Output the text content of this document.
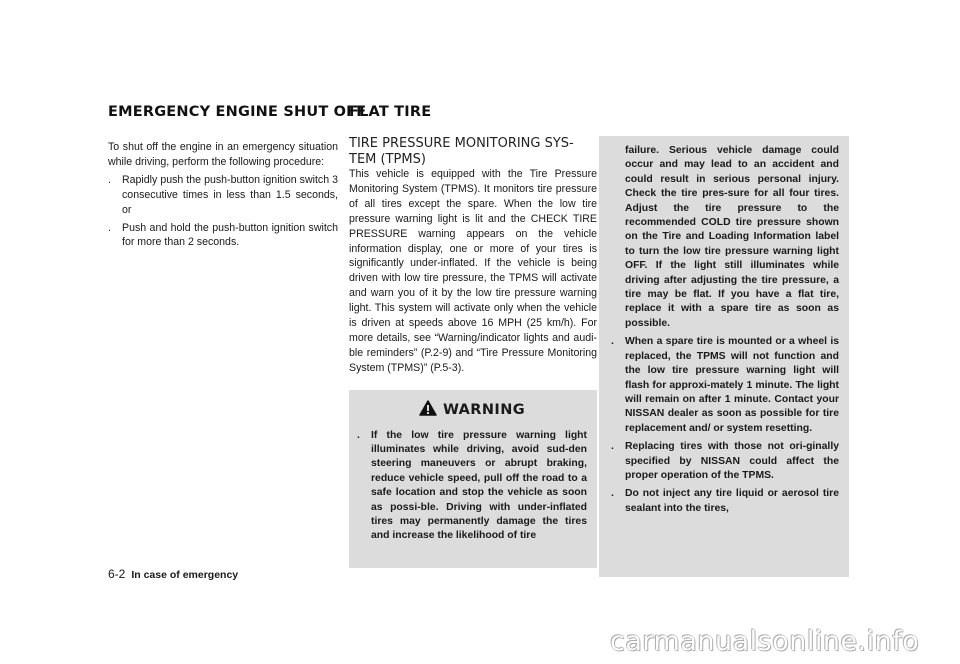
EMERGENCY ENGINE SHUT OFF
FLAT TIRE

To shut off the engine in an emergency situation while driving, perform the following procedure:

. Rapidly push the push-button ignition switch 3 consecutive times in less than 1.5 seconds, or
. Push and hold the push-button ignition switch for more than 2 seconds.

TIRE PRESSURE MONITORING SYS-TEM (TPMS)

This vehicle is equipped with the Tire Pressure Monitoring System (TPMS). It monitors tire pressure of all tires except the spare. When the low tire pressure warning light is lit and the CHECK TIRE PRESSURE warning appears on the vehicle information display, one or more of your tires is significantly under-inflated. If the vehicle is being driven with low tire pressure, the TPMS will activate and warn you of it by the low tire pressure warning light. This system will activate only when the vehicle is driven at speeds above 16 MPH (25 km/h). For more details, see “Warning/indicator lights and audi-ble reminders” (P.2-9) and “Tire Pressure Monitoring System (TPMS)” (P.5-3).

WARNING
. If the low tire pressure warning light illuminates while driving, avoid sud-den steering maneuvers or abrupt braking, reduce vehicle speed, pull off the road to a safe location and stop the vehicle as soon as possi-ble. Driving with under-inflated tires may permanently damage the tires and increase the likelihood of tire

failure. Serious vehicle damage could occur and may lead to an accident and could result in serious personal injury. Check the tire pres-sure for all four tires. Adjust the tire pressure to the recommended COLD tire pressure shown on the Tire and Loading Information label to turn the low tire pressure warning light OFF. If the light still illuminates while driving after adjusting the tire pressure, a tire may be flat. If you have a flat tire, replace it with a spare tire as soon as possible.

. When a spare tire is mounted or a wheel is replaced, the TPMS will not function and the low tire pressure warning light will flash for approxi-mately 1 minute. The light will remain on after 1 minute. Contact your NISSAN dealer as soon as possible for tire replacement and/ or system resetting.
. Replacing tires with those not ori-ginally specified by NISSAN could affect the proper operation of the TPMS.
. Do not inject any tire liquid or aerosol tire sealant into the tires,
6-2 In case of emergency
carmanualsonline.info
